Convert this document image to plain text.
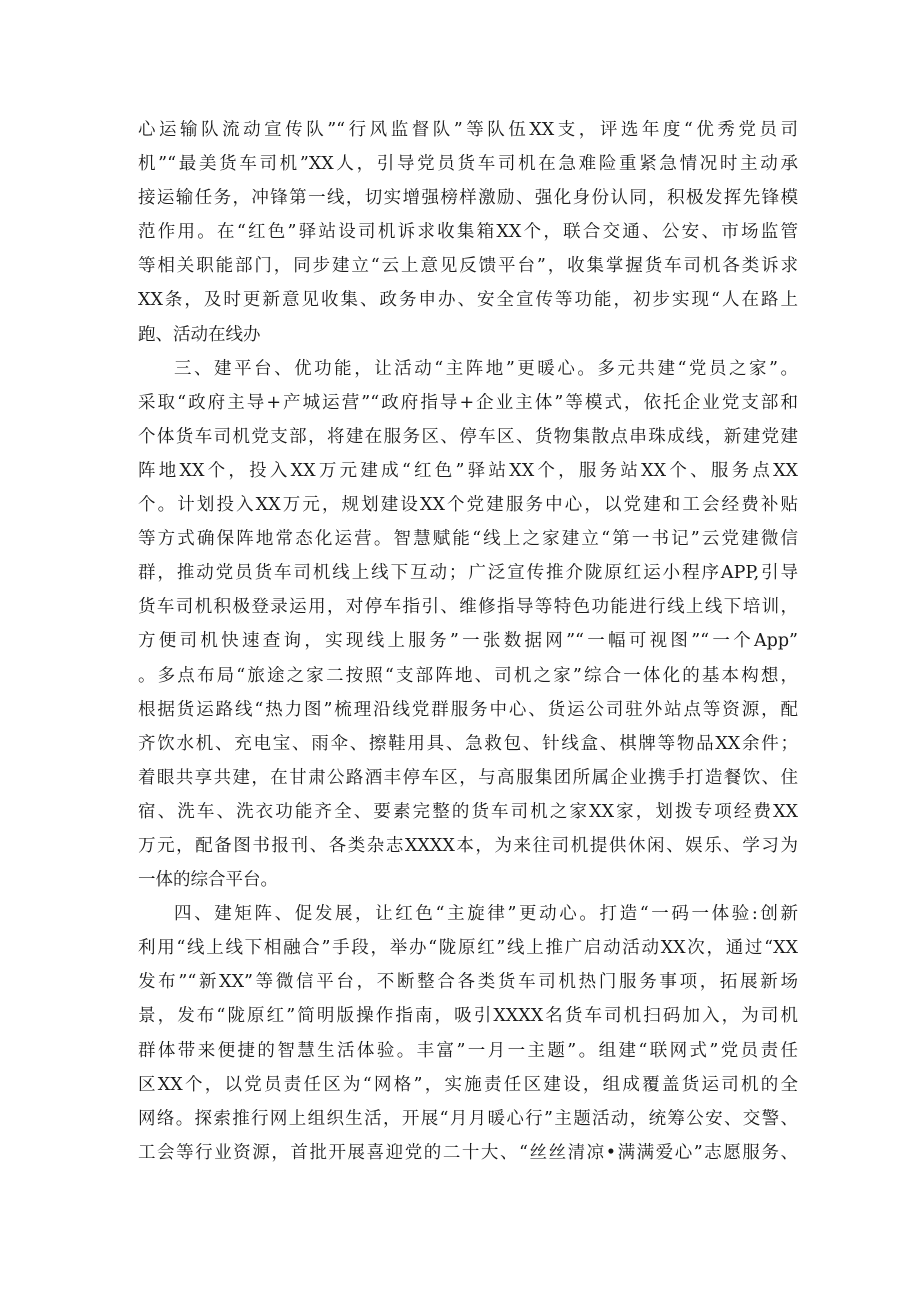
心运输队流动宣传队”“行风监督队”等队伍XX支，评选年度“优秀党员司
机”“最美货车司机”XX人，引导党员货车司机在急难险重紧急情况时主动承
接运输任务，冲锋第一线，切实增强榜样激励、强化身份认同，积极发挥先锋模
范作用。在“红色”驿站设司机诉求收集箱XX个，联合交通、公安、市场监管
等相关职能部门，同步建立“云上意见反馈平台”，收集掌握货车司机各类诉求
XX条，及时更新意见收集、政务申办、安全宣传等功能，初步实现“人在路上
跑、活动在线办
三、建平台、优功能，让活动“主阵地”更暖心。多元共建“党员之家”。
采取“政府主导+产城运营”“政府指导+企业主体”等模式，依托企业党支部和
个体货车司机党支部，将建在服务区、停车区、货物集散点串珠成线，新建党建
阵地XX个，投入XX万元建成“红色”驿站XX个，服务站XX个、服务点XX
个。计划投入XX万元，规划建设XX个党建服务中心，以党建和工会经费补贴
等方式确保阵地常态化运营。智慧赋能“线上之家建立“第一书记”云党建微信
群，推动党员货车司机线上线下互动；广泛宣传推介陇原红运小程序APP,引导
货车司机积极登录运用，对停车指引、维修指导等特色功能进行线上线下培训，
方便司机快速查询，实现线上服务”一张数据网”“一幅可视图”“一个App”
。多点布局“旅途之家二按照“支部阵地、司机之家”综合一体化的基本构想，
根据货运路线“热力图”梳理沿线党群服务中心、货运公司驻外站点等资源，配
齐饮水机、充电宝、雨伞、擦鞋用具、急救包、针线盒、棋牌等物品XX余件；
着眼共享共建，在甘肃公路酒丰停车区，与高服集团所属企业携手打造餐饮、住
宿、洗车、洗衣功能齐全、要素完整的货车司机之家XX家，划拨专项经费XX
万元，配备图书报刊、各类杂志XXXX本，为来往司机提供休闲、娱乐、学习为
一体的综合平台。
四、建矩阵、促发展，让红色“主旋律”更动心。打造“一码一体验:创新
利用“线上线下相融合”手段，举办“陇原红”线上推广启动活动XX次，通过“XX
发布”“新XX”等微信平台，不断整合各类货车司机热门服务事项，拓展新场
景，发布“陇原红”简明版操作指南，吸引XXXX名货车司机扫码加入，为司机
群体带来便捷的智慧生活体验。丰富”一月一主题”。组建“联网式”党员责任
区XX个，以党员责任区为“网格”，实施责任区建设，组成覆盖货运司机的全
网络。探索推行网上组织生活，开展“月月暖心行”主题活动，统筹公安、交警、
工会等行业资源，首批开展喜迎党的二十大、“丝丝清凉•满满爱心”志愿服务、
